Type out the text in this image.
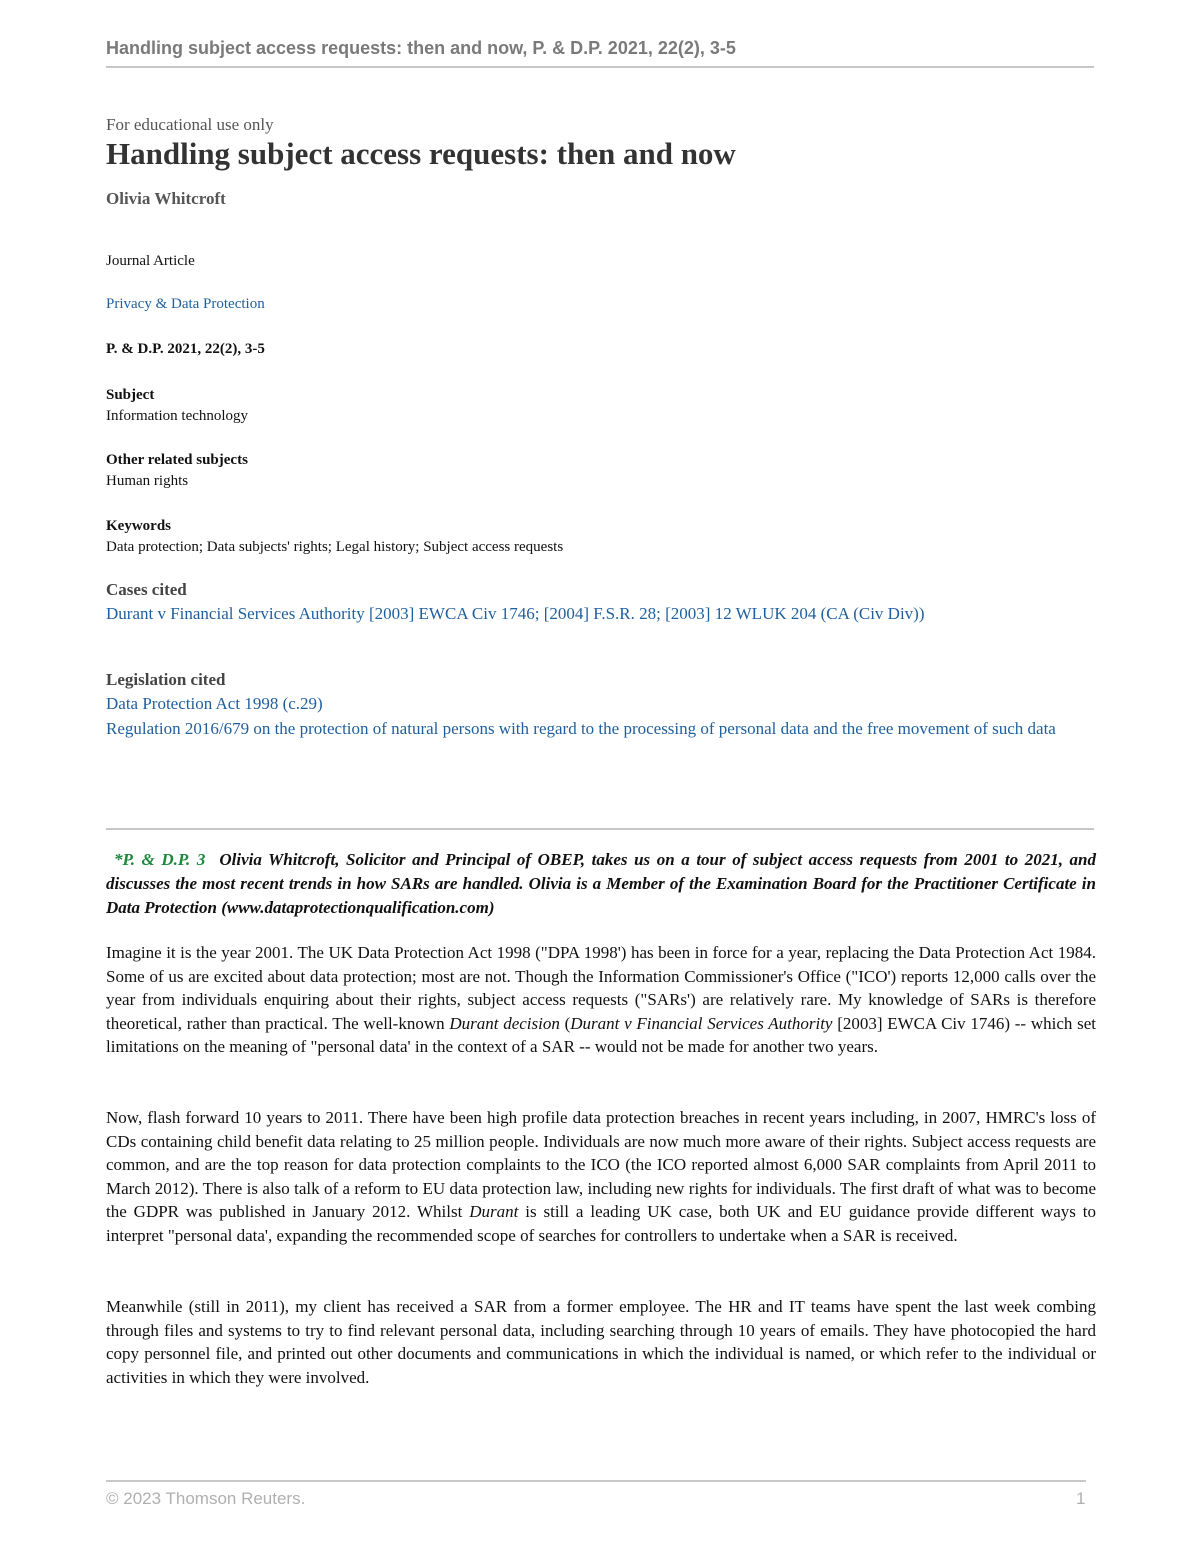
Handling subject access requests: then and now, P. & D.P. 2021, 22(2), 3-5
For educational use only
Handling subject access requests: then and now
Olivia Whitcroft
Journal Article
Privacy & Data Protection
P. & D.P. 2021, 22(2), 3-5
Subject
Information technology
Other related subjects
Human rights
Keywords
Data protection; Data subjects' rights; Legal history; Subject access requests
Cases cited
Durant v Financial Services Authority [2003] EWCA Civ 1746; [2004] F.S.R. 28; [2003] 12 WLUK 204 (CA (Civ Div))
Legislation cited
Data Protection Act 1998 (c.29)
Regulation 2016/679 on the protection of natural persons with regard to the processing of personal data and the free movement of such data
*P. & D.P. 3 Olivia Whitcroft, Solicitor and Principal of OBEP, takes us on a tour of subject access requests from 2001 to 2021, and discusses the most recent trends in how SARs are handled. Olivia is a Member of the Examination Board for the Practitioner Certificate in Data Protection (www.dataprotectionqualification.com)

Imagine it is the year 2001. The UK Data Protection Act 1998 ("DPA 1998') has been in force for a year, replacing the Data Protection Act 1984. Some of us are excited about data protection; most are not. Though the Information Commissioner's Office ("ICO') reports 12,000 calls over the year from individuals enquiring about their rights, subject access requests ("SARs') are relatively rare. My knowledge of SARs is therefore theoretical, rather than practical. The well-known Durant decision (Durant v Financial Services Authority [2003] EWCA Civ 1746) -- which set limitations on the meaning of "personal data' in the context of a SAR -- would not be made for another two years.

Now, flash forward 10 years to 2011. There have been high profile data protection breaches in recent years including, in 2007, HMRC's loss of CDs containing child benefit data relating to 25 million people. Individuals are now much more aware of their rights. Subject access requests are common, and are the top reason for data protection complaints to the ICO (the ICO reported almost 6,000 SAR complaints from April 2011 to March 2012). There is also talk of a reform to EU data protection law, including new rights for individuals. The first draft of what was to become the GDPR was published in January 2012. Whilst Durant is still a leading UK case, both UK and EU guidance provide different ways to interpret "personal data', expanding the recommended scope of searches for controllers to undertake when a SAR is received.

Meanwhile (still in 2011), my client has received a SAR from a former employee. The HR and IT teams have spent the last week combing through files and systems to try to find relevant personal data, including searching through 10 years of emails. They have photocopied the hard copy personnel file, and printed out other documents and communications in which the individual is named, or which refer to the individual or activities in which they were involved.

© 2023 Thomson Reuters.	1
